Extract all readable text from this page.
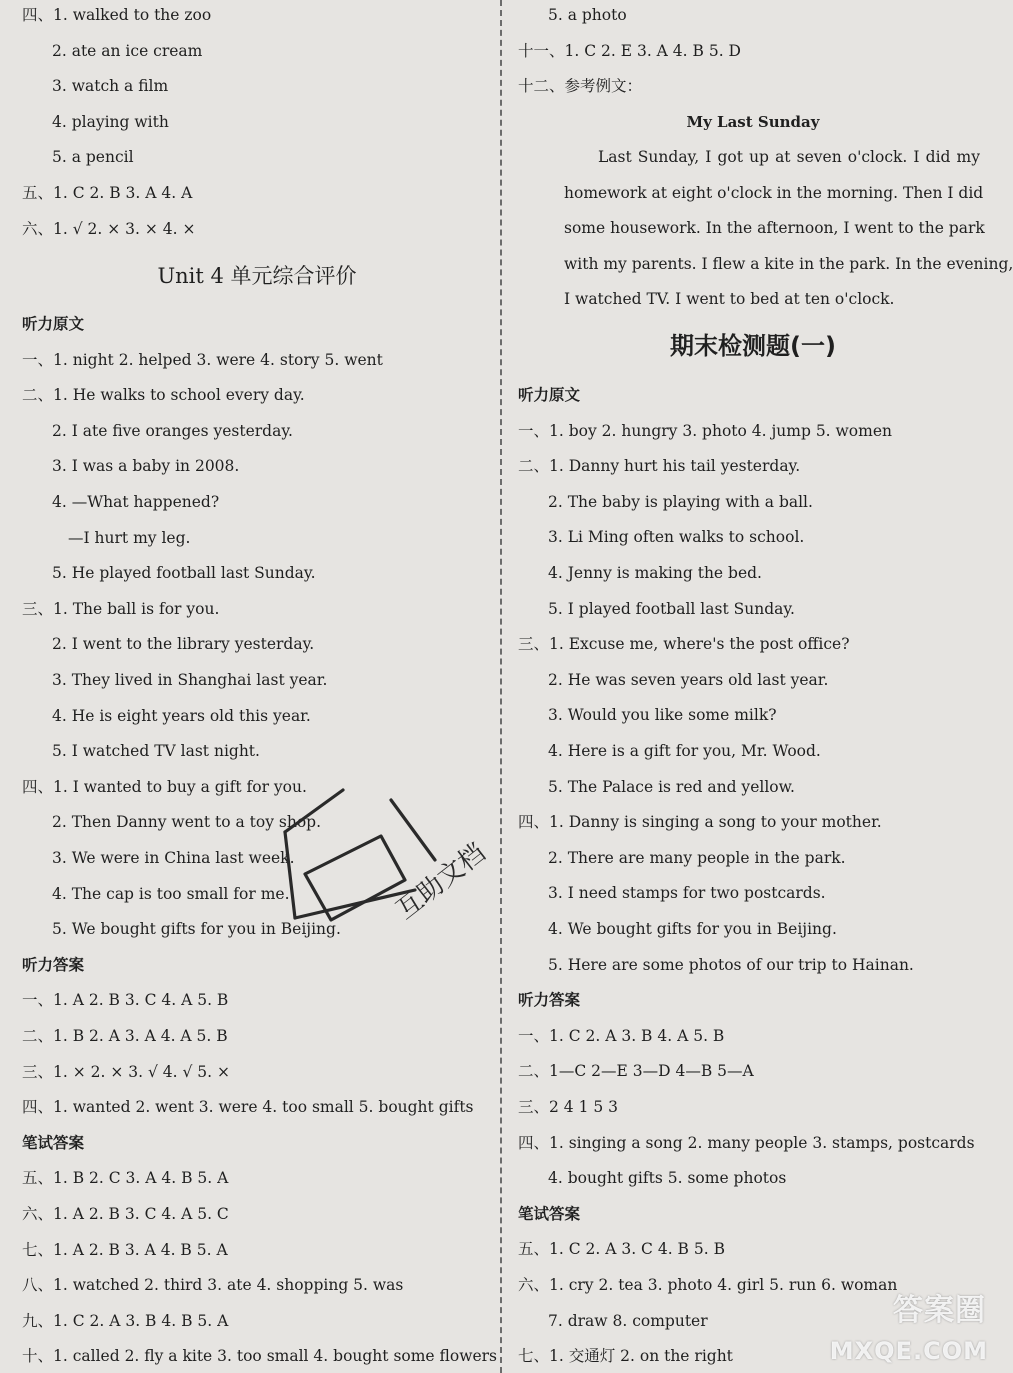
四、1. walked to the zoo
2. ate an ice cream
3. watch a film
4. playing with
5. a pencil
五、1. C 2. B 3. A 4. A
六、1. √ 2. × 3. × 4. ×
Unit 4 单元综合评价
听力原文
一、1. night 2. helped 3. were 4. story 5. went
二、1. He walks to school every day.
2. I ate five oranges yesterday.
3. I was a baby in 2008.
4. —What happened?
—I hurt my leg.
5. He played football last Sunday.
三、1. The ball is for you.
2. I went to the library yesterday.
3. They lived in Shanghai last year.
4. He is eight years old this year.
5. I watched TV last night.
四、1. I wanted to buy a gift for you.
2. Then Danny went to a toy shop.
3. We were in China last week.
4. The cap is too small for me.
5. We bought gifts for you in Beijing.
听力答案
一、1. A 2. B 3. C 4. A 5. B
二、1. B 2. A 3. A 4. A 5. B
三、1. × 2. × 3. √ 4. √ 5. ×
四、1. wanted 2. went 3. were 4. too small 5. bought gifts
笔试答案
五、1. B 2. C 3. A 4. B 5. A
六、1. A 2. B 3. C 4. A 5. C
七、1. A 2. B 3. A 4. B 5. A
八、1. watched 2. third 3. ate 4. shopping 5. was
九、1. C 2. A 3. B 4. B 5. A
十、1. called 2. fly a kite 3. too small 4. bought some flowers
5. a photo
十一、1. C 2. E 3. A 4. B 5. D
十二、参考例文：
My Last Sunday
Last Sunday, I got up at seven o'clock. I did my
homework at eight o'clock in the morning. Then I did
some housework. In the afternoon, I went to the park
with my parents. I flew a kite in the park. In the evening,
I watched TV. I went to bed at ten o'clock.
期末检测题(一)
听力原文
一、1. boy 2. hungry 3. photo 4. jump 5. women
二、1. Danny hurt his tail yesterday.
2. The baby is playing with a ball.
3. Li Ming often walks to school.
4. Jenny is making the bed.
5. I played football last Sunday.
三、1. Excuse me, where's the post office?
2. He was seven years old last year.
3. Would you like some milk?
4. Here is a gift for you, Mr. Wood.
5. The Palace is red and yellow.
四、1. Danny is singing a song to your mother.
2. There are many people in the park.
3. I need stamps for two postcards.
4. We bought gifts for you in Beijing.
5. Here are some photos of our trip to Hainan.
听力答案
一、1. C 2. A 3. B 4. A 5. B
二、1—C 2—E 3—D 4—B 5—A
三、2 4 1 5 3
四、1. singing a song 2. many people 3. stamps, postcards
4. bought gifts 5. some photos
笔试答案
五、1. C 2. A 3. C 4. B 5. B
六、1. cry 2. tea 3. photo 4. girl 5. run 6. woman
7. draw 8. computer
七、1. 交通灯 2. on the right
互助文档
答案圈
MXQE.COM
